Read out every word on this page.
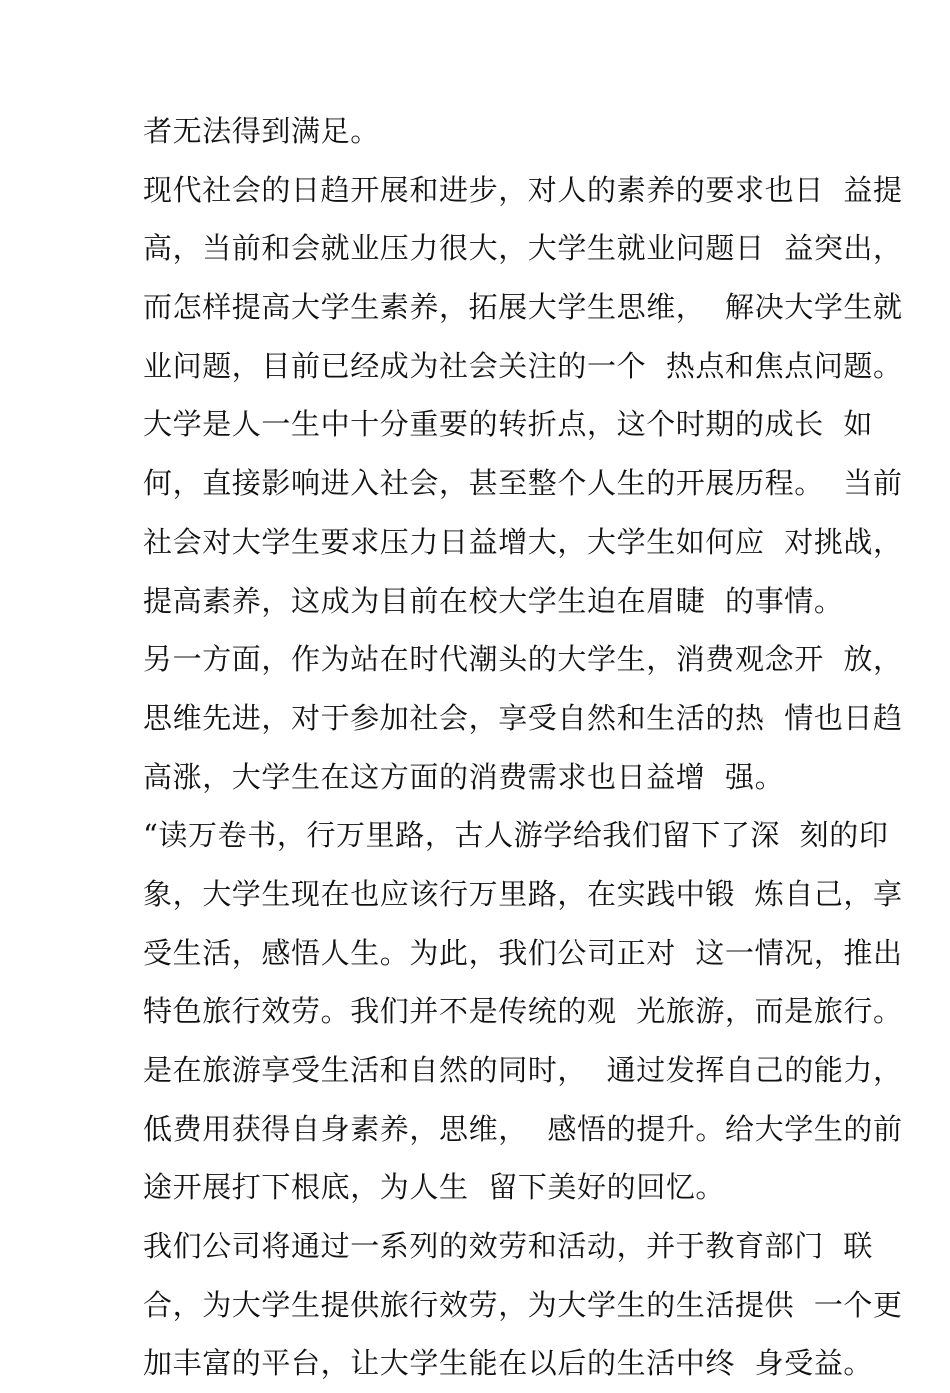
者无法得到满足。
现代社会的日趋开展和进步，对人的素养的要求也日  益提
高，当前和会就业压力很大，大学生就业问题日  益突出，
而怎样提高大学生素养，拓展大学生思维，  解决大学生就
业问题，目前已经成为社会关注的一个  热点和焦点问题。
大学是人一生中十分重要的转折点，这个时期的成长  如
何，直接影响进入社会，甚至整个人生的开展历程。  当前
社会对大学生要求压力日益增大，大学生如何应  对挑战，
提高素养，这成为目前在校大学生迫在眉睫  的事情。
另一方面，作为站在时代潮头的大学生，消费观念开  放，
思维先进，对于参加社会，享受自然和生活的热  情也日趋
高涨，大学生在这方面的消费需求也日益增  强。
“读万卷书，行万里路，古人游学给我们留下了深  刻的印
象，大学生现在也应该行万里路，在实践中锻  炼自己，享
受生活，感悟人生。为此，我们公司正对  这一情况，推出
特色旅行效劳。我们并不是传统的观  光旅游，而是旅行。
是在旅游享受生活和自然的同时，  通过发挥自己的能力，
低费用获得自身素养，思维，  感悟的提升。给大学生的前
途开展打下根底，为人生  留下美好的回忆。
我们公司将通过一系列的效劳和活动，并于教育部门  联
合，为大学生提供旅行效劳，为大学生的生活提供  一个更
加丰富的平台，让大学生能在以后的生活中终  身受益。
